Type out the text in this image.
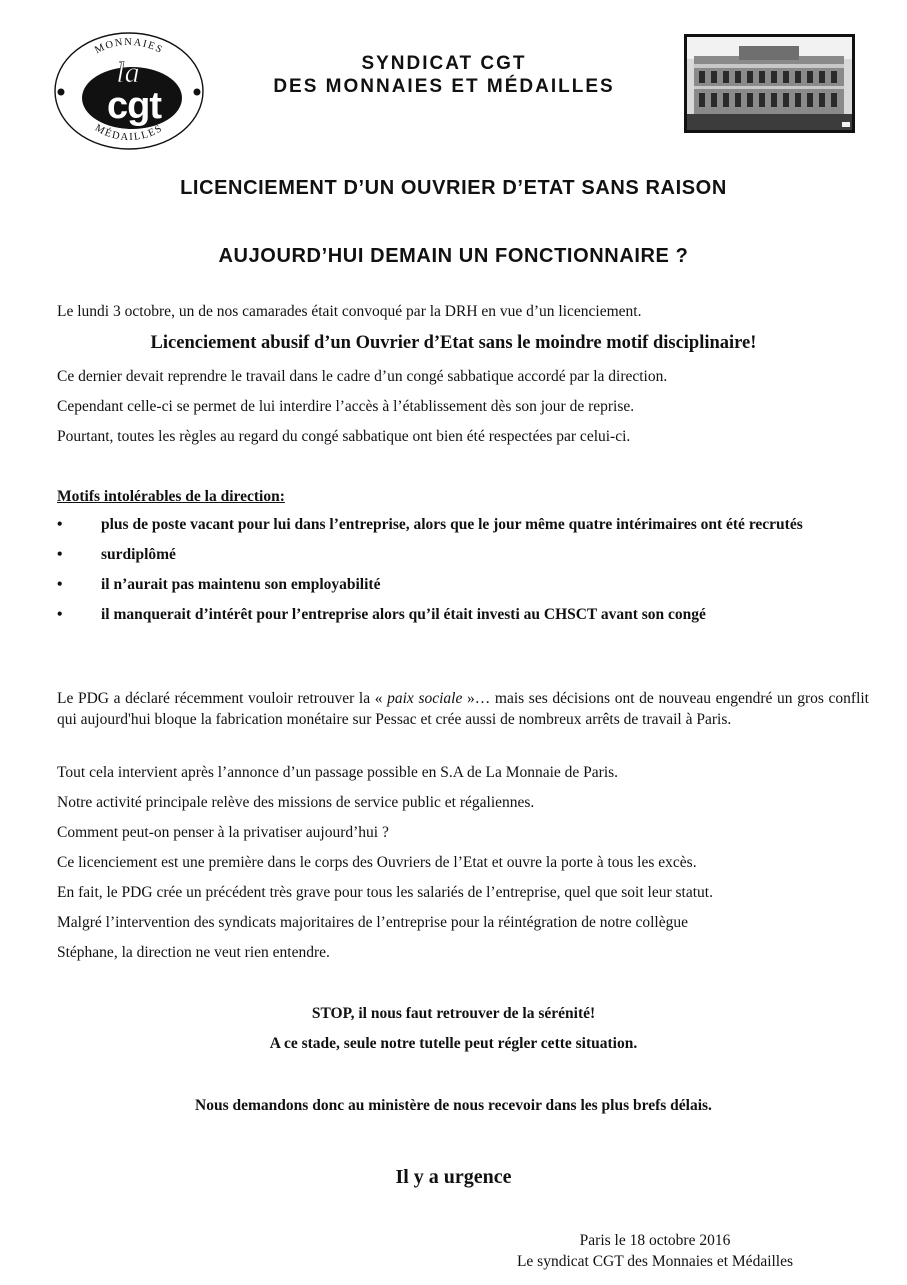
MONNAIES
MÉDAILLES
la
cgt
SYNDICAT CGT
DES MONNAIES ET MÉDAILLES
LICENCIEMENT D’UN OUVRIER D’ETAT SANS RAISON
AUJOURD’HUI DEMAIN UN FONCTIONNAIRE ?

Le lundi 3 octobre, un de nos camarades était convoqué par la DRH en vue d’un licenciement.

Licenciement abusif d’un Ouvrier d’Etat sans le moindre motif disciplinaire!

Ce dernier devait reprendre le travail dans le cadre d’un congé sabbatique accordé par la direction.

Cependant celle-ci se permet de lui interdire l’accès à l’établissement dès son jour de reprise.

Pourtant, toutes les règles au regard du congé sabbatique ont bien été respectées par celui-ci.

Motifs intolérables de la direction:

• plus de poste vacant pour lui dans l’entreprise, alors que le jour même quatre intérimaires ont été recrutés
• surdiplômé
• il n’aurait pas maintenu son employabilité
• il manquerait d’intérêt pour l’entreprise alors qu’il était investi au CHSCT avant son congé

Le PDG a déclaré récemment vouloir retrouver la « paix sociale »… mais ses décisions ont de nouveau engendré un gros conflit qui aujourd'hui bloque la fabrication monétaire sur Pessac et crée aussi de nombreux arrêts de travail à Paris.

Tout cela intervient après l’annonce d’un passage possible en S.A de La Monnaie de Paris.

Notre activité principale relève des missions de service public et régaliennes.

Comment peut-on penser à la privatiser aujourd’hui ?

Ce licenciement est une première dans le corps des Ouvriers de l’Etat et ouvre la porte à tous les excès.

En fait, le PDG crée un précédent très grave pour tous les salariés de l’entreprise, quel que soit leur statut.

Malgré l’intervention des syndicats majoritaires de l’entreprise pour la réintégration de notre collègue

Stéphane, la direction ne veut rien entendre.

STOP, il nous faut retrouver de la sérénité!

A ce stade, seule notre tutelle peut régler cette situation.

Nous demandons donc au ministère de nous recevoir dans les plus brefs délais.

Il y a urgence

Paris le 18 octobre 2016
Le syndicat CGT des Monnaies et Médailles
